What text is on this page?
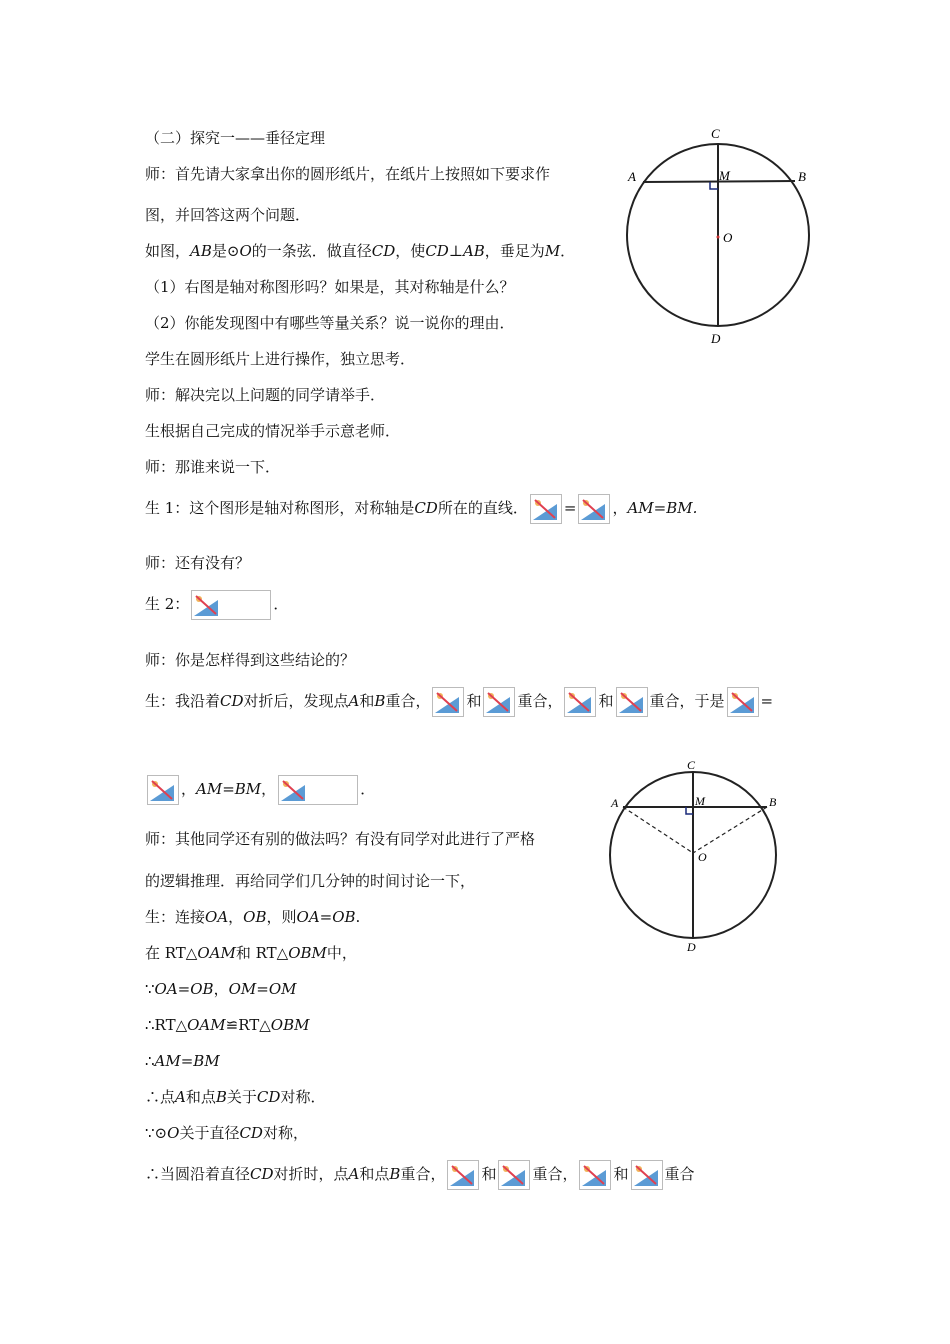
（二）探究一——垂径定理
师：首先请大家拿出你的圆形纸片，在纸片上按照如下要求作
图，并回答这两个问题．
如图，AB是⊙O的一条弦．做直径CD，使CD⊥AB，垂足为M．
（1）右图是轴对称图形吗？如果是，其对称轴是什么？
（2）你能发现图中有哪些等量关系？说一说你的理由．
学生在圆形纸片上进行操作，独立思考．
师：解决完以上问题的同学请举手．
生根据自己完成的情况举手示意老师．
师：那谁来说一下．
生 1：这个图形是轴对称图形，对称轴是CD所在的直线． = ，AM=BM.
师：还有没有？
生 2：	．
师：你是怎样得到这些结论的？
生：我沿着CD对折后，发现点A和B重合， 和 重合， 和 重合，于是 =
，AM=BM，	．
师：其他同学还有别的做法吗？有没有同学对此进行了严格
的逻辑推理．再给同学们几分钟的时间讨论一下，
生：连接OA，OB，则OA=OB.
在 RT△OAM和 RT△OBM中，
∵OA=OB，OM=OM
∴RT△OAM≌RT△OBM
∴AM=BM
∴点A和点B关于CD对称．
∵⊙O关于直径CD对称，
∴当圆沿着直径CD对折时，点A和点B重合， 和 重合， 和 重合
C
A	B
M
O
D
C
A	B
M
O
D
